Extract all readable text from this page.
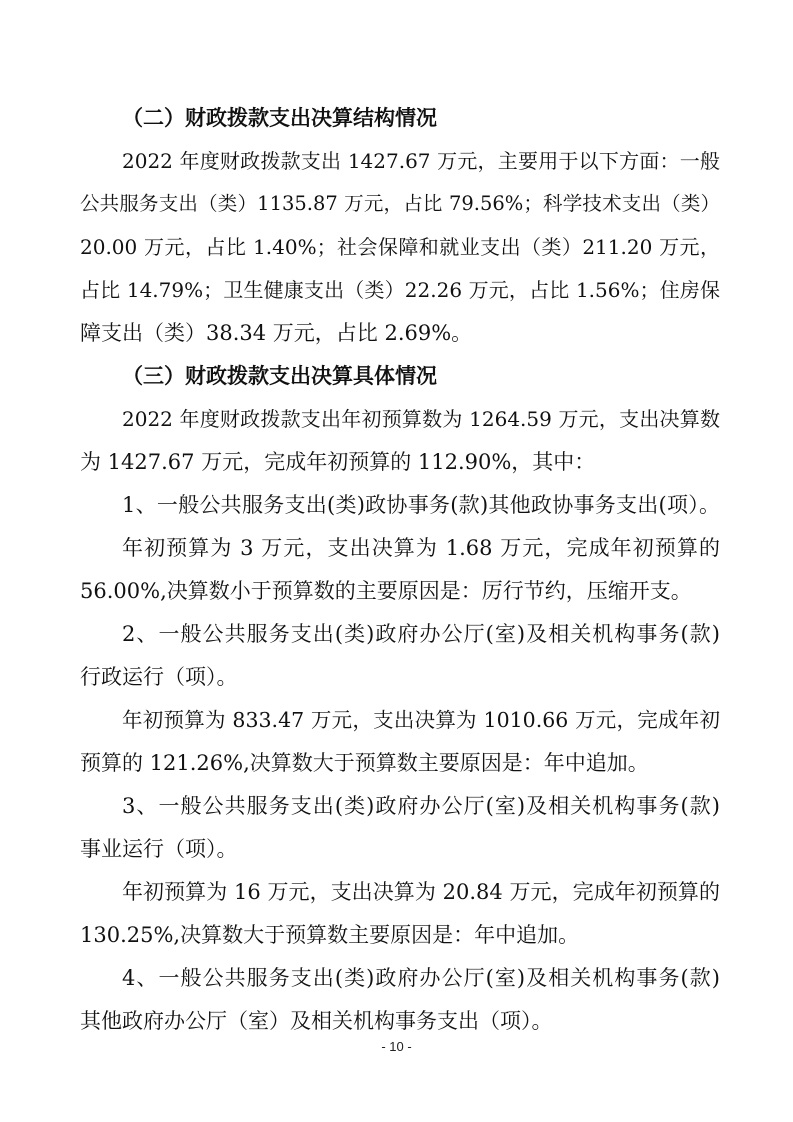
（二）财政拨款支出决算结构情况
2022 年度财政拨款支出 1427.67 万元，主要用于以下方面：一般
公共服务支出（类）1135.87 万元，占比 79.56%；科学技术支出（类）
20.00 万元，占比 1.40%；社会保障和就业支出（类）211.20 万元，
占比 14.79%；卫生健康支出（类）22.26 万元，占比 1.56%；住房保
障支出（类）38.34 万元，占比 2.69%。
（三）财政拨款支出决算具体情况
2022 年度财政拨款支出年初预算数为 1264.59 万元，支出决算数
为 1427.67 万元，完成年初预算的 112.90%，其中：
1、一般公共服务支出(类)政协事务(款)其他政协事务支出(项）。
年初预算为 3 万元，支出决算为 1.68 万元，完成年初预算的
56.00%,决算数小于预算数的主要原因是：厉行节约，压缩开支。
2、一般公共服务支出(类)政府办公厅(室)及相关机构事务(款)
行政运行（项）。
年初预算为 833.47 万元，支出决算为 1010.66 万元，完成年初
预算的 121.26%,决算数大于预算数主要原因是：年中追加。
3、一般公共服务支出(类)政府办公厅(室)及相关机构事务(款)
事业运行（项）。
年初预算为 16 万元，支出决算为 20.84 万元，完成年初预算的
130.25%,决算数大于预算数主要原因是：年中追加。
4、一般公共服务支出(类)政府办公厅(室)及相关机构事务(款)
其他政府办公厅（室）及相关机构事务支出（项）。
- 10 -
